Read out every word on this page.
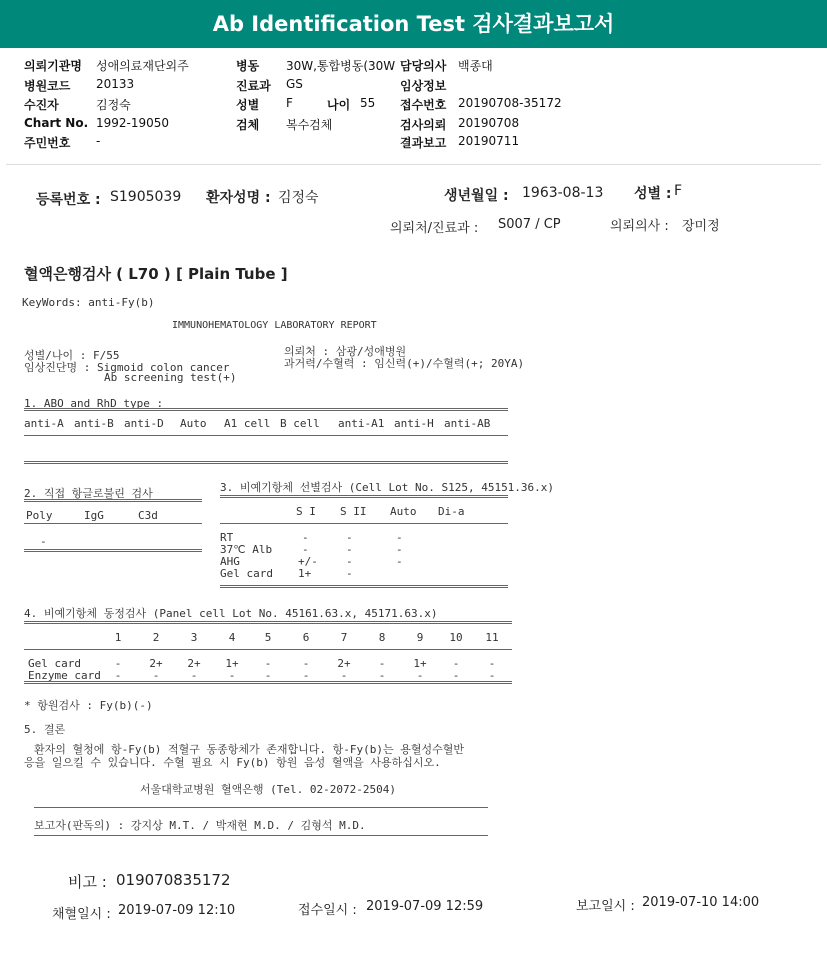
Ab Identification Test 검사결과보고서
의뢰기관명 성애의료재단외주
병원코드 20133
수진자	김정숙
Chart No. 1992-19050
주민번호 -
병동 30W,통합병동(30W
진료과 GS
성별 F	나이 55
검체 복수검체
담당의사 백종대
임상정보
접수번호 20190708-35172
검사의뢰 20190708
결과보고 20190711
등록번호 : S1905039 환자성명 : 김정숙	생년월일 : 1963-08-13 성별 : F
의뢰처/진료과 : S007 / CP	의뢰의사 : 장미정
혈액은행검사 ( L70 ) [ Plain Tube ]
KeyWords: anti-Fy(b)
IMMUNOHEMATOLOGY LABORATORY REPORT
성별/나이 : F/55
임상진단명 : Sigmoid colon cancer
Ab screening test(+)
의뢰처 : 삼광/성애병원
과거력/수혈력 : 임신력(+)/수혈력(+; 20YA)
1. ABO and RhD type :
anti-A anti-B anti-D Auto A1 cell B cell anti-A1 anti-H anti-AB
2. 직접 항글로불린 검사
Poly	IgG	C3d
-
3. 비예기항체 선별검사 (Cell Lot No. S125, 45151.36.x)
S I S II Auto Di-a
RT	-	-	-
37℃ Alb	-	-	-
AHG	+/-	-	-
Gel card 1+	-
4. 비예기항체 동정검사 (Panel cell Lot No. 45161.63.x, 45171.63.x)
1	2	3	4	5	6	7	8	9	10	11
Gel card	-	2+	2+	1+	-	-	2+	-	1+	-	-
Enzyme card	-	-	-	-	-	-	-	-	-	-	-
* 항원검사 : Fy(b)(-)
5. 결론
환자의 혈청에 항-Fy(b) 적혈구 동종항체가 존재합니다. 항-Fy(b)는 용혈성수혈반
응을 일으킬 수 있습니다. 수혈 필요 시 Fy(b) 항원 음성 혈액을 사용하십시오.
서울대학교병원 혈액은행 (Tel. 02-2072-2504)
보고자(판독의) : 강지상 M.T. / 박재현 M.D. / 김형석 M.D.
비고 : 019070835172
채혈일시 : 2019-07-09 12:10	접수일시 : 2019-07-09 12:59	보고일시 : 2019-07-10 14:00
